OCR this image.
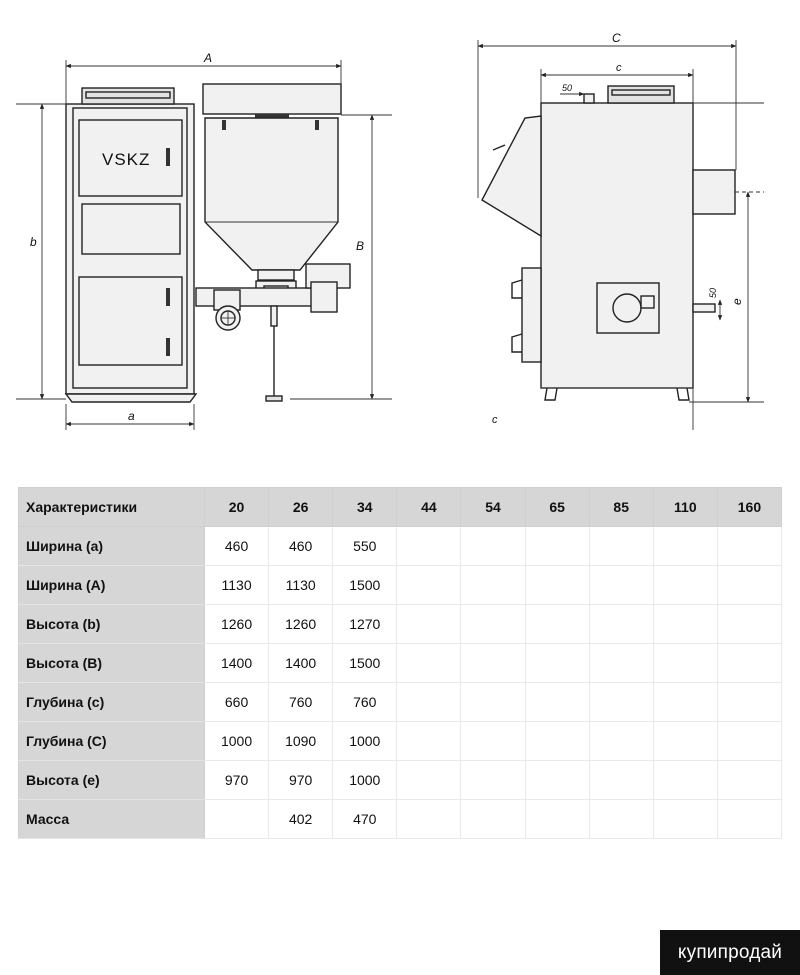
A
a
b	B
VSKZ
C
c
50
e
50
c
Характеристики	20	26	34	44	54	65	85	110	160
Ширина (a)	460	460	550						
Ширина (A)	1130	1130	1500						
Высота (b)	1260	1260	1270						
Высота (B)	1400	1400	1500						
Глубина (c)	660	760	760						
Глубина (C)	1000	1090	1000						
Высота (e)	970	970	1000						
Масса		402	470						
купипродай
